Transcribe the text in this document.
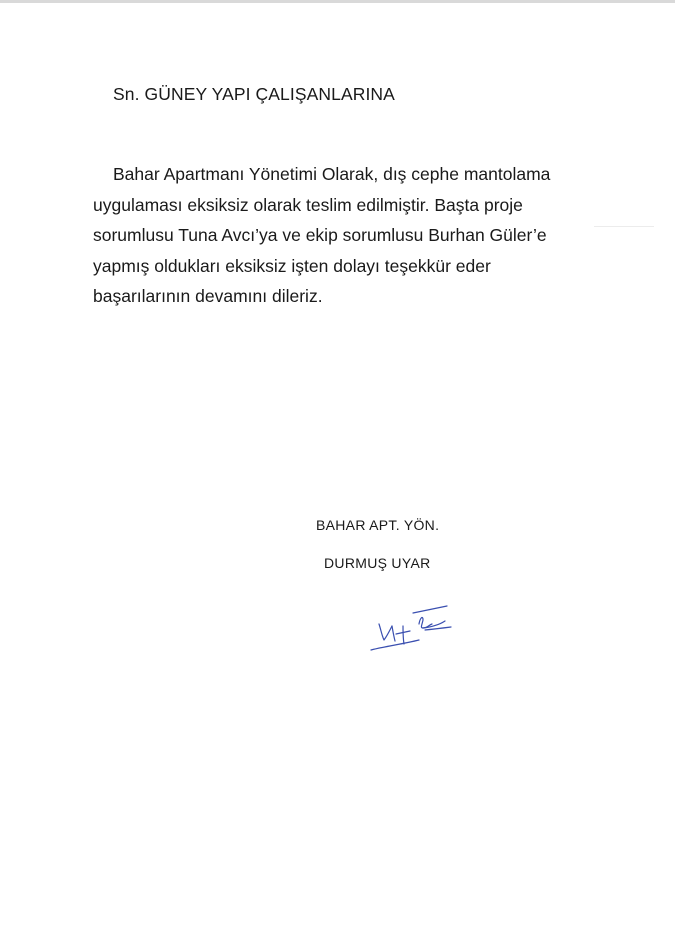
Sn. GÜNEY YAPI ÇALIŞANLARINA
Bahar Apartmanı Yönetimi Olarak, dış cephe mantolama
uygulaması eksiksiz olarak teslim edilmiştir. Başta proje
sorumlusu Tuna Avcı’ya ve ekip sorumlusu Burhan Güler’e
yapmış oldukları eksiksiz işten dolayı teşekkür eder
başarılarının devamını dileriz.
BAHAR APT. YÖN.
DURMUŞ UYAR
